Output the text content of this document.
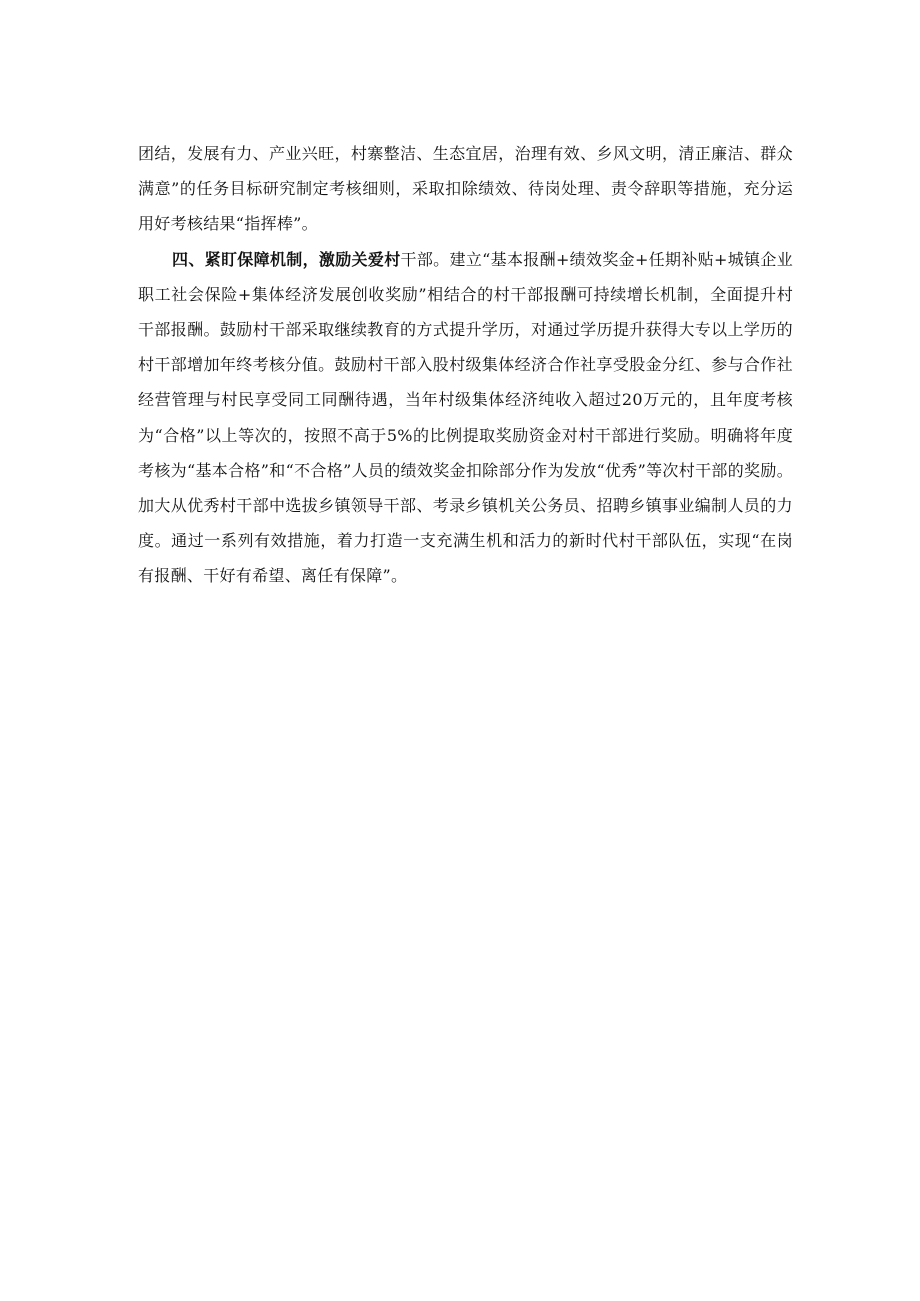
团结，发展有力、产业兴旺，村寨整洁、生态宜居，治理有效、乡风文明，清正廉洁、群众满意”的任务目标研究制定考核细则，采取扣除绩效、待岗处理、责令辞职等措施，充分运用好考核结果“指挥棒”。

四、紧盯保障机制，激励关爱村干部。建立“基本报酬+绩效奖金+任期补贴+城镇企业职工社会保险+集体经济发展创收奖励”相结合的村干部报酬可持续增长机制，全面提升村干部报酬。鼓励村干部采取继续教育的方式提升学历，对通过学历提升获得大专以上学历的村干部增加年终考核分值。鼓励村干部入股村级集体经济合作社享受股金分红、参与合作社经营管理与村民享受同工同酬待遇，当年村级集体经济纯收入超过20万元的，且年度考核为“合格”以上等次的，按照不高于5%的比例提取奖励资金对村干部进行奖励。明确将年度考核为“基本合格”和“不合格”人员的绩效奖金扣除部分作为发放“优秀”等次村干部的奖励。加大从优秀村干部中选拔乡镇领导干部、考录乡镇机关公务员、招聘乡镇事业编制人员的力度。通过一系列有效措施，着力打造一支充满生机和活力的新时代村干部队伍，实现“在岗有报酬、干好有希望、离任有保障”。
